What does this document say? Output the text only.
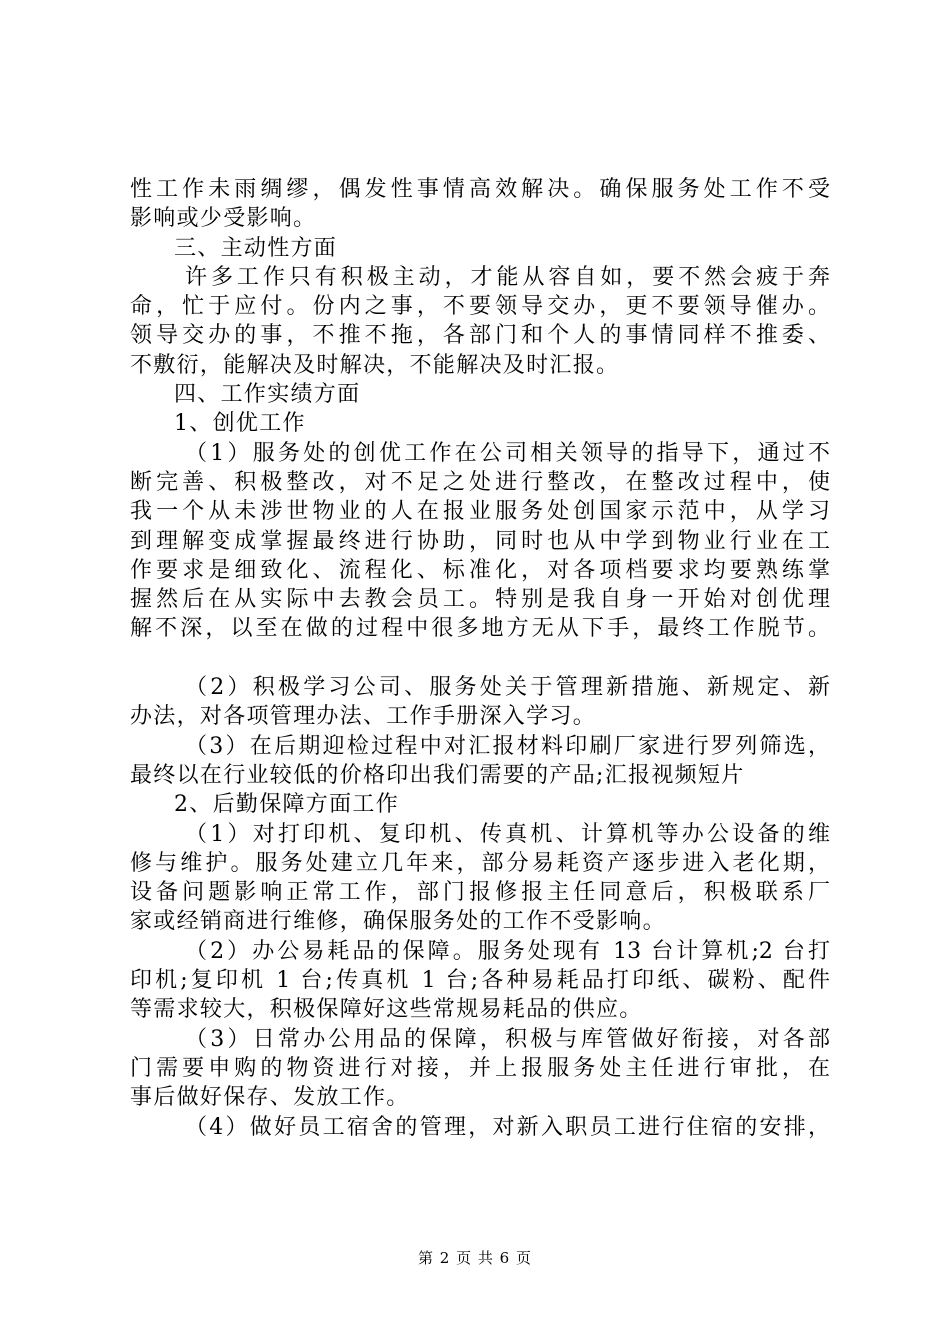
性工作未雨绸缪，偶发性事情高效解决。确保服务处工作不受
影响或少受影响。
三、主动性方面
许多工作只有积极主动，才能从容自如，要不然会疲于奔
命，忙于应付。份内之事，不要领导交办，更不要领导催办。
领导交办的事，不推不拖，各部门和个人的事情同样不推委、
不敷衍，能解决及时解决，不能解决及时汇报。
四、工作实绩方面
1、创优工作
（1）服务处的创优工作在公司相关领导的指导下，通过不
断完善、积极整改，对不足之处进行整改，在整改过程中，使
我一个从未涉世物业的人在报业服务处创国家示范中，从学习
到理解变成掌握最终进行协助，同时也从中学到物业行业在工
作要求是细致化、流程化、标准化，对各项档要求均要熟练掌
握然后在从实际中去教会员工。特别是我自身一开始对创优理
解不深，以至在做的过程中很多地方无从下手，最终工作脱节。
（2）积极学习公司、服务处关于管理新措施、新规定、新
办法，对各项管理办法、工作手册深入学习。
（3）在后期迎检过程中对汇报材料印刷厂家进行罗列筛选，
最终以在行业较低的价格印出我们需要的产品;汇报视频短片
2、后勤保障方面工作
（1）对打印机、复印机、传真机、计算机等办公设备的维
修与维护。服务处建立几年来，部分易耗资产逐步进入老化期，
设备问题影响正常工作，部门报修报主任同意后，积极联系厂
家或经销商进行维修，确保服务处的工作不受影响。
（2）办公易耗品的保障。服务处现有 13 台计算机;2 台打
印机;复印机 1 台;传真机 1 台;各种易耗品打印纸、碳粉、配件
等需求较大，积极保障好这些常规易耗品的供应。
（3）日常办公用品的保障，积极与库管做好衔接，对各部
门需要申购的物资进行对接，并上报服务处主任进行审批，在
事后做好保存、发放工作。
（4）做好员工宿舍的管理，对新入职员工进行住宿的安排，
第 2 页 共 6 页
